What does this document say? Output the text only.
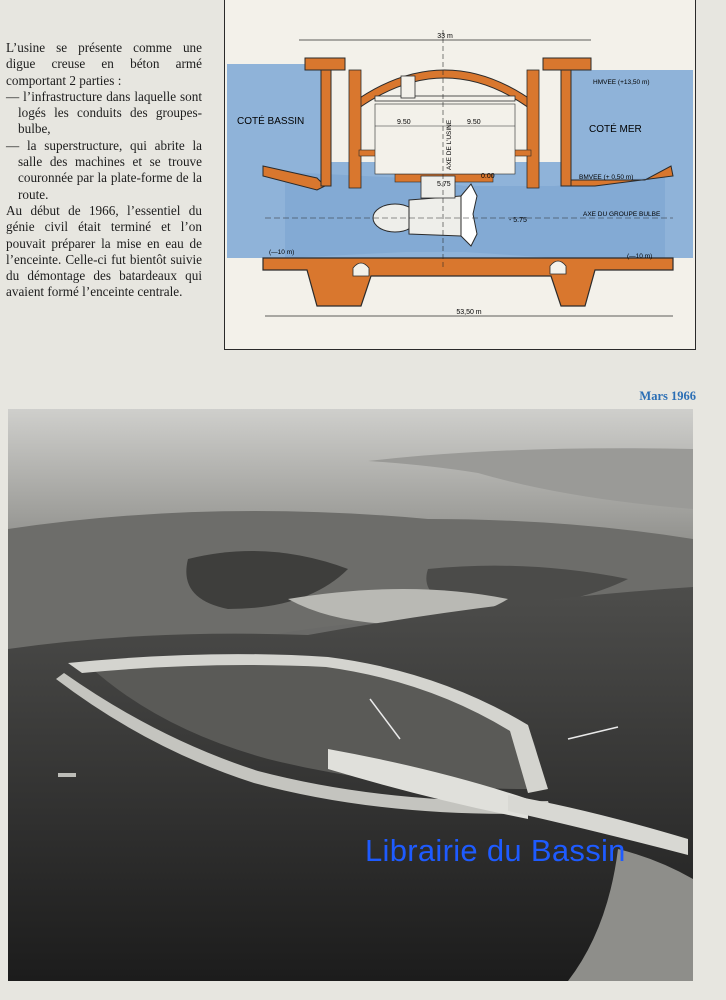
L’usine se présente comme une digue creuse en béton armé comportant 2 parties :

— l’infrastructure dans laquelle sont logés les conduits des groupes-bulbe,
— la superstructure, qui abrite la salle des machines et se trouve couronnée par la plate-forme de la route.

Au début de 1966, l’essentiel du génie civil était terminé et l’on pouvait préparer la mise en eau de l’enceinte. Celle-ci fut bientôt suivie du démontage des batardeaux qui avaient formé l’enceinte centrale.

33 m
53,50 m
COTÉ BASSIN
COTÉ MER
HMVEE (+13,50 m)
BMVEE (+ 0,50 m)
AXE DE L’USINE
AXE DU GROUPE BULBE
9.50	9.50
5.75
0.00
- 5.75
(—10 m)
(—10 m)
Mars 1966
Librairie du Bassin
